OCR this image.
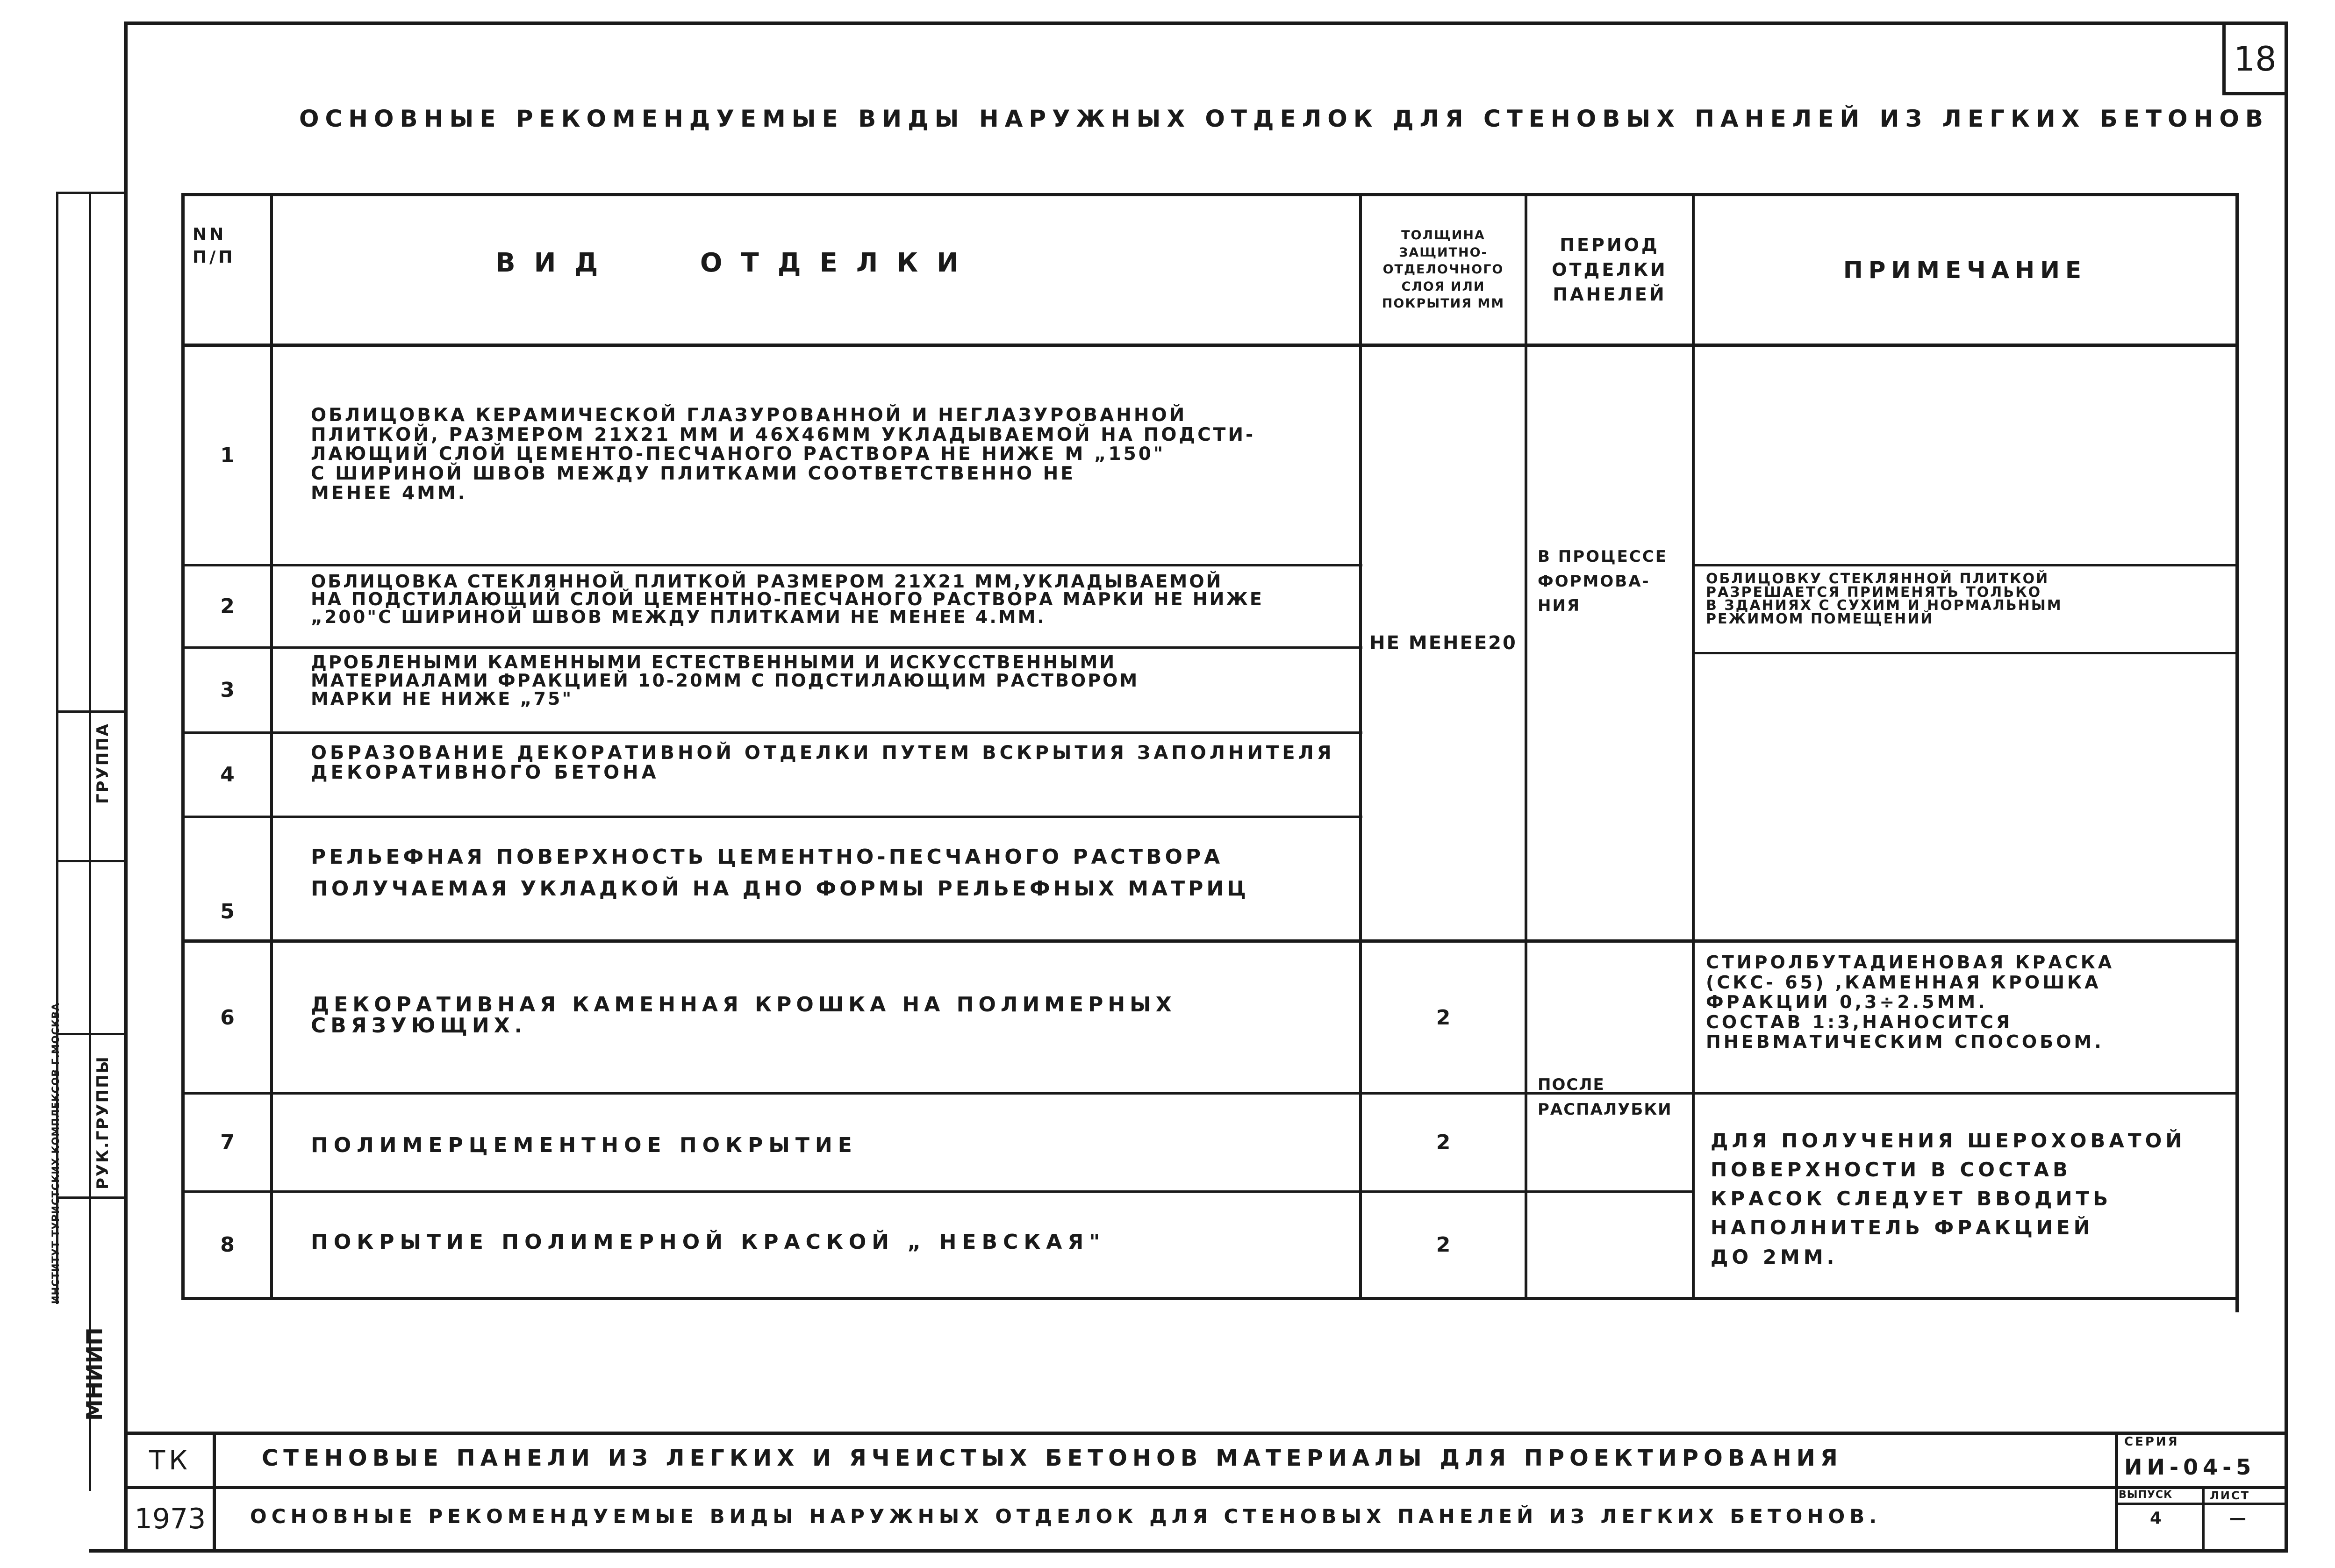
18
ОСНОВНЫЕ РЕКОМЕНДУЕМЫЕ ВИДЫ НАРУЖНЫХ ОТДЕЛОК ДЛЯ СТЕНОВЫХ ПАНЕЛЕЙ ИЗ ЛЕГКИХ БЕТОНОВ
NN
П/П	ВИД   ОТДЕЛКИ
ТОЛЩИНА
ЗАЩИТНО-
ОТДЕЛОЧНОГО
СЛОЯ ИЛИ
ПОКРЫТИЯ ММ
ПЕРИОД
ОТДЕЛКИ
ПАНЕЛЕЙ
ПРИМЕЧАНИЕ
1
2
3
4
5
6
7
8
ОБЛИЦОВКА КЕРАМИЧЕСКОЙ ГЛАЗУРОВАННОЙ И НЕГЛАЗУРОВАННОЙ
ПЛИТКОЙ, РАЗМЕРОМ 21X21 ММ И 46X46ММ УКЛАДЫВАЕМОЙ НА ПОДСТИ-
ЛАЮЩИЙ СЛОЙ ЦЕМЕНТО-ПЕСЧАНОГО РАСТВОРА НЕ НИЖЕ М „150"
С ШИРИНОЙ ШВОВ МЕЖДУ ПЛИТКАМИ СООТВЕТСТВЕННО НЕ
МЕНЕЕ 4ММ.
ОБЛИЦОВКА СТЕКЛЯННОЙ ПЛИТКОЙ РАЗМЕРОМ 21X21 ММ,УКЛАДЫВАЕМОЙ
НА ПОДСТИЛАЮЩИЙ СЛОЙ ЦЕМЕНТНО-ПЕСЧАНОГО РАСТВОРА МАРКИ НЕ НИЖЕ
„200"С ШИРИНОЙ ШВОВ МЕЖДУ ПЛИТКАМИ НЕ МЕНЕЕ 4.ММ.
ДРОБЛЕНЫМИ КАМЕННЫМИ ЕСТЕСТВЕННЫМИ И ИСКУССТВЕННЫМИ
МАТЕРИАЛАМИ ФРАКЦИЕЙ 10-20ММ С ПОДСТИЛАЮЩИМ РАСТВОРОМ
МАРКИ НЕ НИЖЕ „75"
ОБРАЗОВАНИЕ ДЕКОРАТИВНОЙ ОТДЕЛКИ ПУТЕМ ВСКРЫТИЯ ЗАПОЛНИТЕЛЯ
ДЕКОРАТИВНОГО БЕТОНА
РЕЛЬЕФНАЯ ПОВЕРХНОСТЬ ЦЕМЕНТНО-ПЕСЧАНОГО РАСТВОРА
ПОЛУЧАЕМАЯ УКЛАДКОЙ НА ДНО ФОРМЫ РЕЛЬЕФНЫХ МАТРИЦ
ДЕКОРАТИВНАЯ КАМЕННАЯ КРОШКА НА ПОЛИМЕРНЫХ
СВЯЗУЮЩИХ.
ПОЛИМЕРЦЕМЕНТНОЕ ПОКРЫТИЕ
ПОКРЫТИЕ ПОЛИМЕРНОЙ КРАСКОЙ „ НЕВСКАЯ"
НЕ МЕНЕЕ20
2
2
2
В ПРОЦЕССЕ
ФОРМОВА-
НИЯ
ПОСЛЕ
РАСПАЛУБКИ
ОБЛИЦОВКУ СТЕКЛЯННОЙ ПЛИТКОЙ
РАЗРЕШАЕТСЯ ПРИМЕНЯТЬ ТОЛЬКО
В ЗДАНИЯХ С СУХИМ И НОРМАЛЬНЫМ
РЕЖИМОМ ПОМЕЩЕНИЙ
СТИРОЛБУТАДИЕНОВАЯ КРАСКА
(СКС- 65) ,КАМЕННАЯ КРОШКА
ФРАКЦИИ 0,3÷2.5ММ.
СОСТАВ 1:3,НАНОСИТСЯ
ПНЕВМАТИЧЕСКИМ СПОСОБОМ.
ДЛЯ ПОЛУЧЕНИЯ ШЕРОХОВАТОЙ
ПОВЕРХНОСТИ В СОСТАВ
КРАСОК СЛЕДУЕТ ВВОДИТЬ
НАПОЛНИТЕЛЬ ФРАКЦИЕЙ
ДО 2ММ.
ТК
1973
СТЕНОВЫЕ ПАНЕЛИ ИЗ ЛЕГКИХ И ЯЧЕИСТЫХ БЕТОНОВ МАТЕРИАЛЫ ДЛЯ ПРОЕКТИРОВАНИЯ
ОСНОВНЫЕ РЕКОМЕНДУЕМЫЕ ВИДЫ НАРУЖНЫХ ОТДЕЛОК ДЛЯ СТЕНОВЫХ ПАНЕЛЕЙ ИЗ ЛЕГКИХ БЕТОНОВ.
СЕРИЯ
ИИ-04-5
ВЫПУСК
4
ЛИСТ
—
ГРУППА
РУК.ГРУППЫ
ИНСТИТУТ ТУРИСТСКИХ КОМПЛЕКСОВ Г.МОСКВА
МНИИП
